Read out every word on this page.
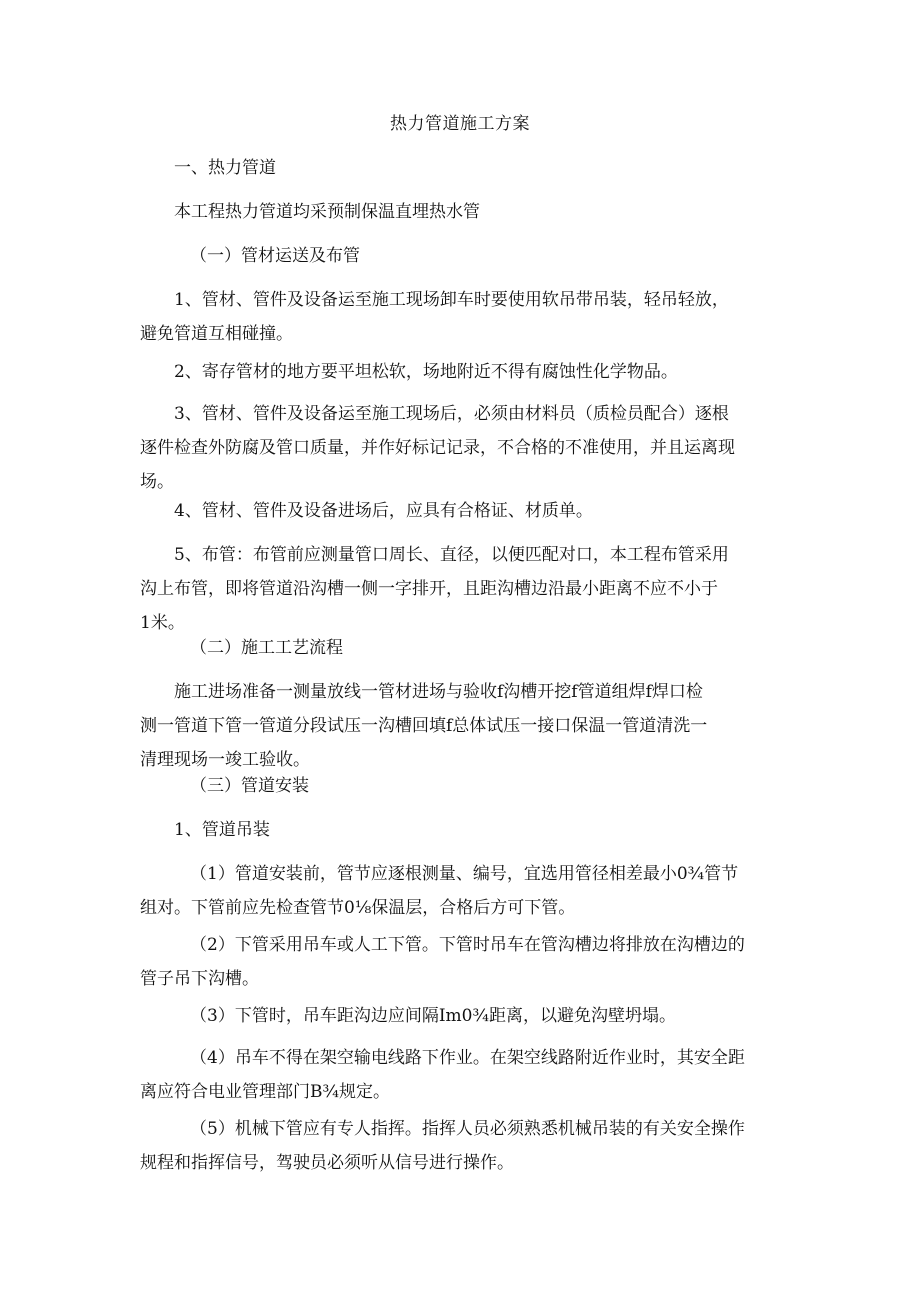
热力管道施工方案
一、热力管道
本工程热力管道均采预制保温直埋热水管
（一）管材运送及布管
1、管材、管件及设备运至施工现场卸车时要使用软吊带吊装，轻吊轻放，
避免管道互相碰撞。
2、寄存管材的地方要平坦松软，场地附近不得有腐蚀性化学物品。
3、管材、管件及设备运至施工现场后，必须由材料员（质检员配合）逐根
逐件检查外防腐及管口质量，并作好标记记录，不合格的不准使用，并且运离现
场。
4、管材、管件及设备进场后，应具有合格证、材质单。
5、布管：布管前应测量管口周长、直径，以便匹配对口，本工程布管采用
沟上布管，即将管道沿沟槽一侧一字排开，且距沟槽边沿最小距离不应不小于
1米。
（二）施工工艺流程
施工进场准备一测量放线一管材进场与验收f沟槽开挖f管道组焊f焊口检
测一管道下管一管道分段试压一沟槽回填f总体试压一接口保温一管道清洗一
清理现场一竣工验收。
（三）管道安装
1、管道吊装
（1）管道安装前，管节应逐根测量、编号，宜选用管径相差最小0¾管节
组对。下管前应先检查管节0⅛保温层，合格后方可下管。
（2）下管采用吊车或人工下管。下管时吊车在管沟槽边将排放在沟槽边的
管子吊下沟槽。
（3）下管时，吊车距沟边应间隔Im0¾距离，以避免沟壁坍塌。
（4）吊车不得在架空输电线路下作业。在架空线路附近作业时，其安全距
离应符合电业管理部门B¾规定。
（5）机械下管应有专人指挥。指挥人员必须熟悉机械吊装的有关安全操作
规程和指挥信号，驾驶员必须听从信号进行操作。
